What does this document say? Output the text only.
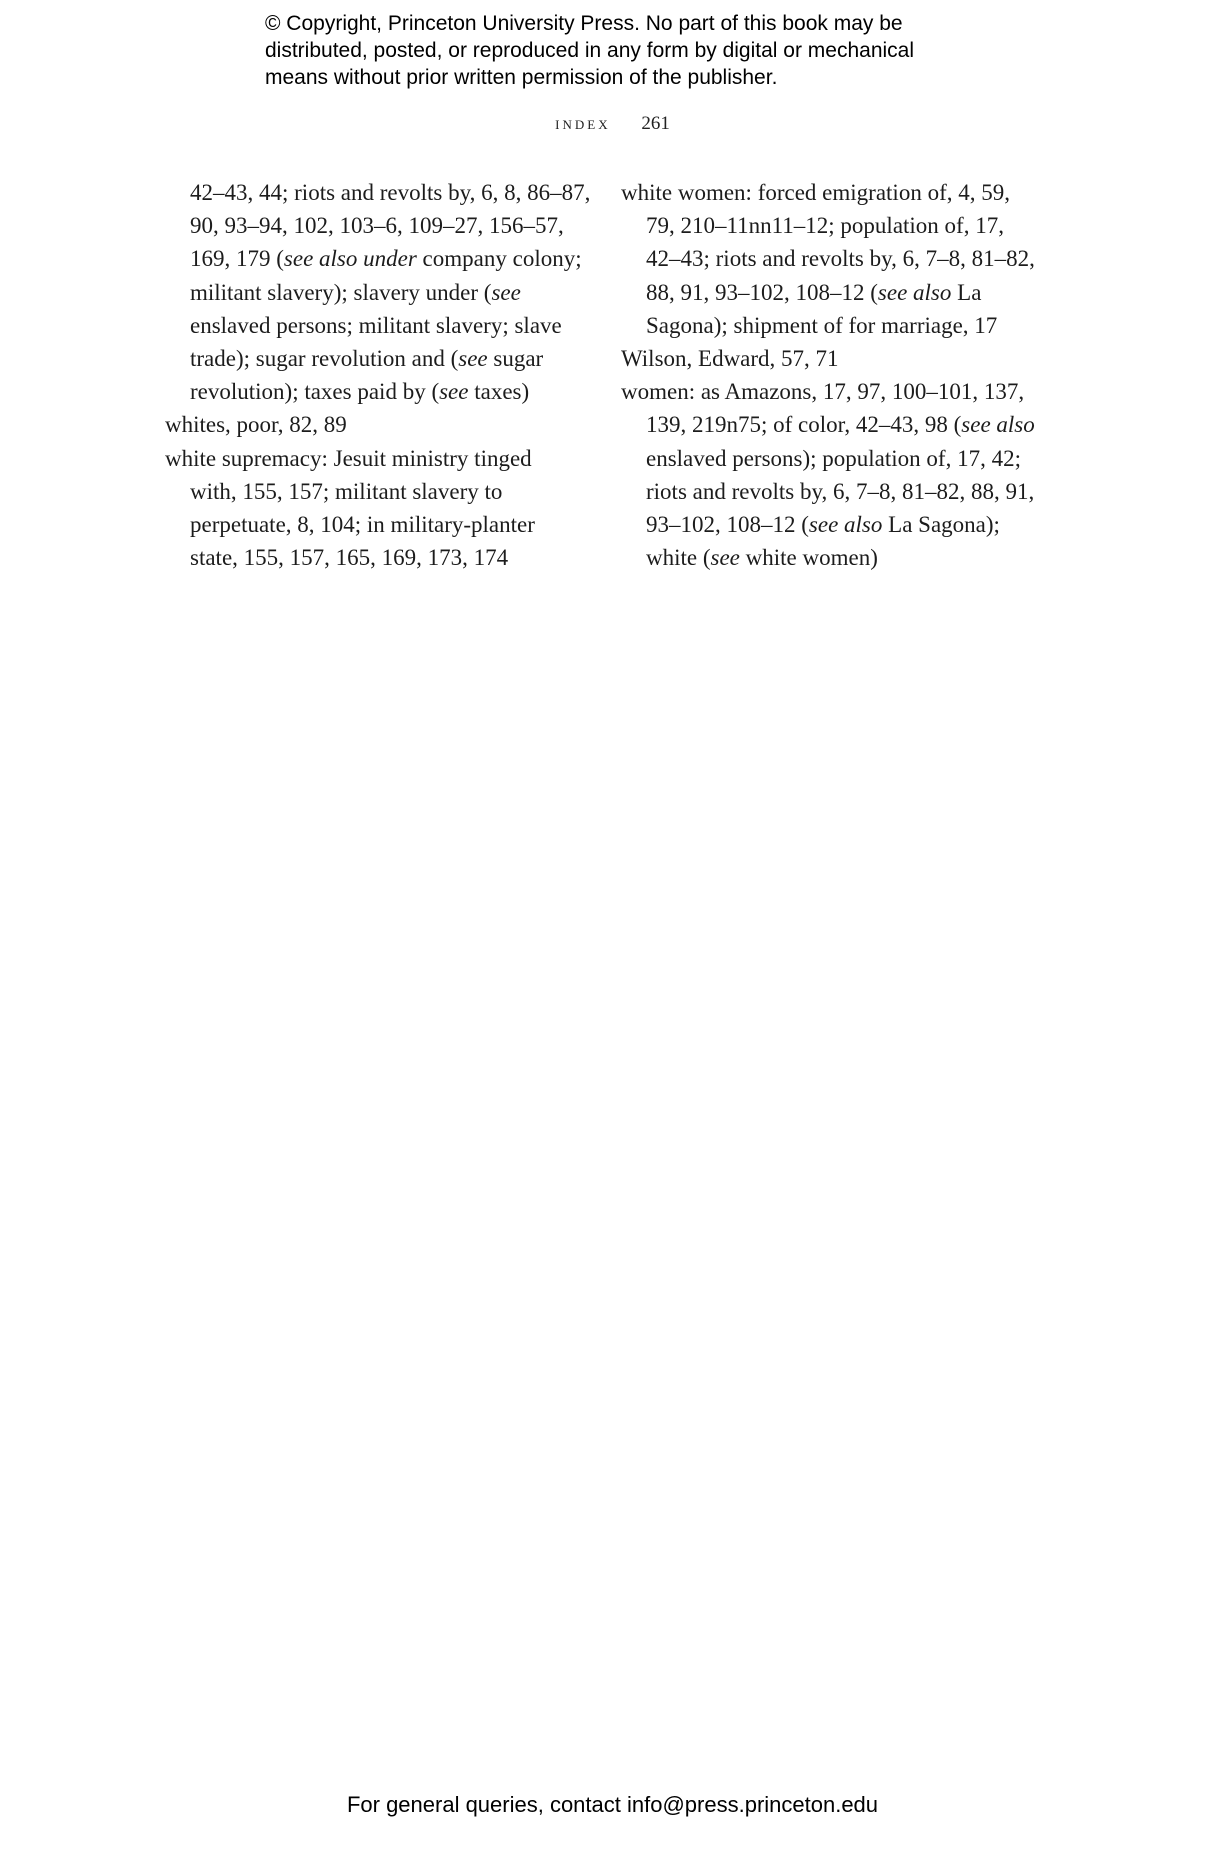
© Copyright, Princeton University Press. No part of this book may be
distributed, posted, or reproduced in any form by digital or mechanical
means without prior written permission of the publisher.
index 261
42–43, 44; riots and revolts by, 6, 8, 86–87,
90, 93–94, 102, 103–6, 109–27, 156–57,
169, 179 (see also under company colony;
militant slavery); slavery under (see
enslaved persons; militant slavery; slave
trade); sugar revolution and (see sugar
revolution); taxes paid by (see taxes)
whites, poor, 82, 89
white supremacy: Jesuit ministry tinged
with, 155, 157; militant slavery to
perpetuate, 8, 104; in military-planter
state, 155, 157, 165, 169, 173, 174
white women: forced emigration of, 4, 59,
79, 210–11nn11–12; population of, 17,
42–43; riots and revolts by, 6, 7–8, 81–82,
88, 91, 93–102, 108–12 (see also La
Sagona); shipment of for marriage, 17
Wilson, Edward, 57, 71
women: as Amazons, 17, 97, 100–101, 137,
139, 219n75; of color, 42–43, 98 (see also
enslaved persons); population of, 17, 42;
riots and revolts by, 6, 7–8, 81–82, 88, 91,
93–102, 108–12 (see also La Sagona);
white (see white women)
For general queries, contact info@press.princeton.edu
